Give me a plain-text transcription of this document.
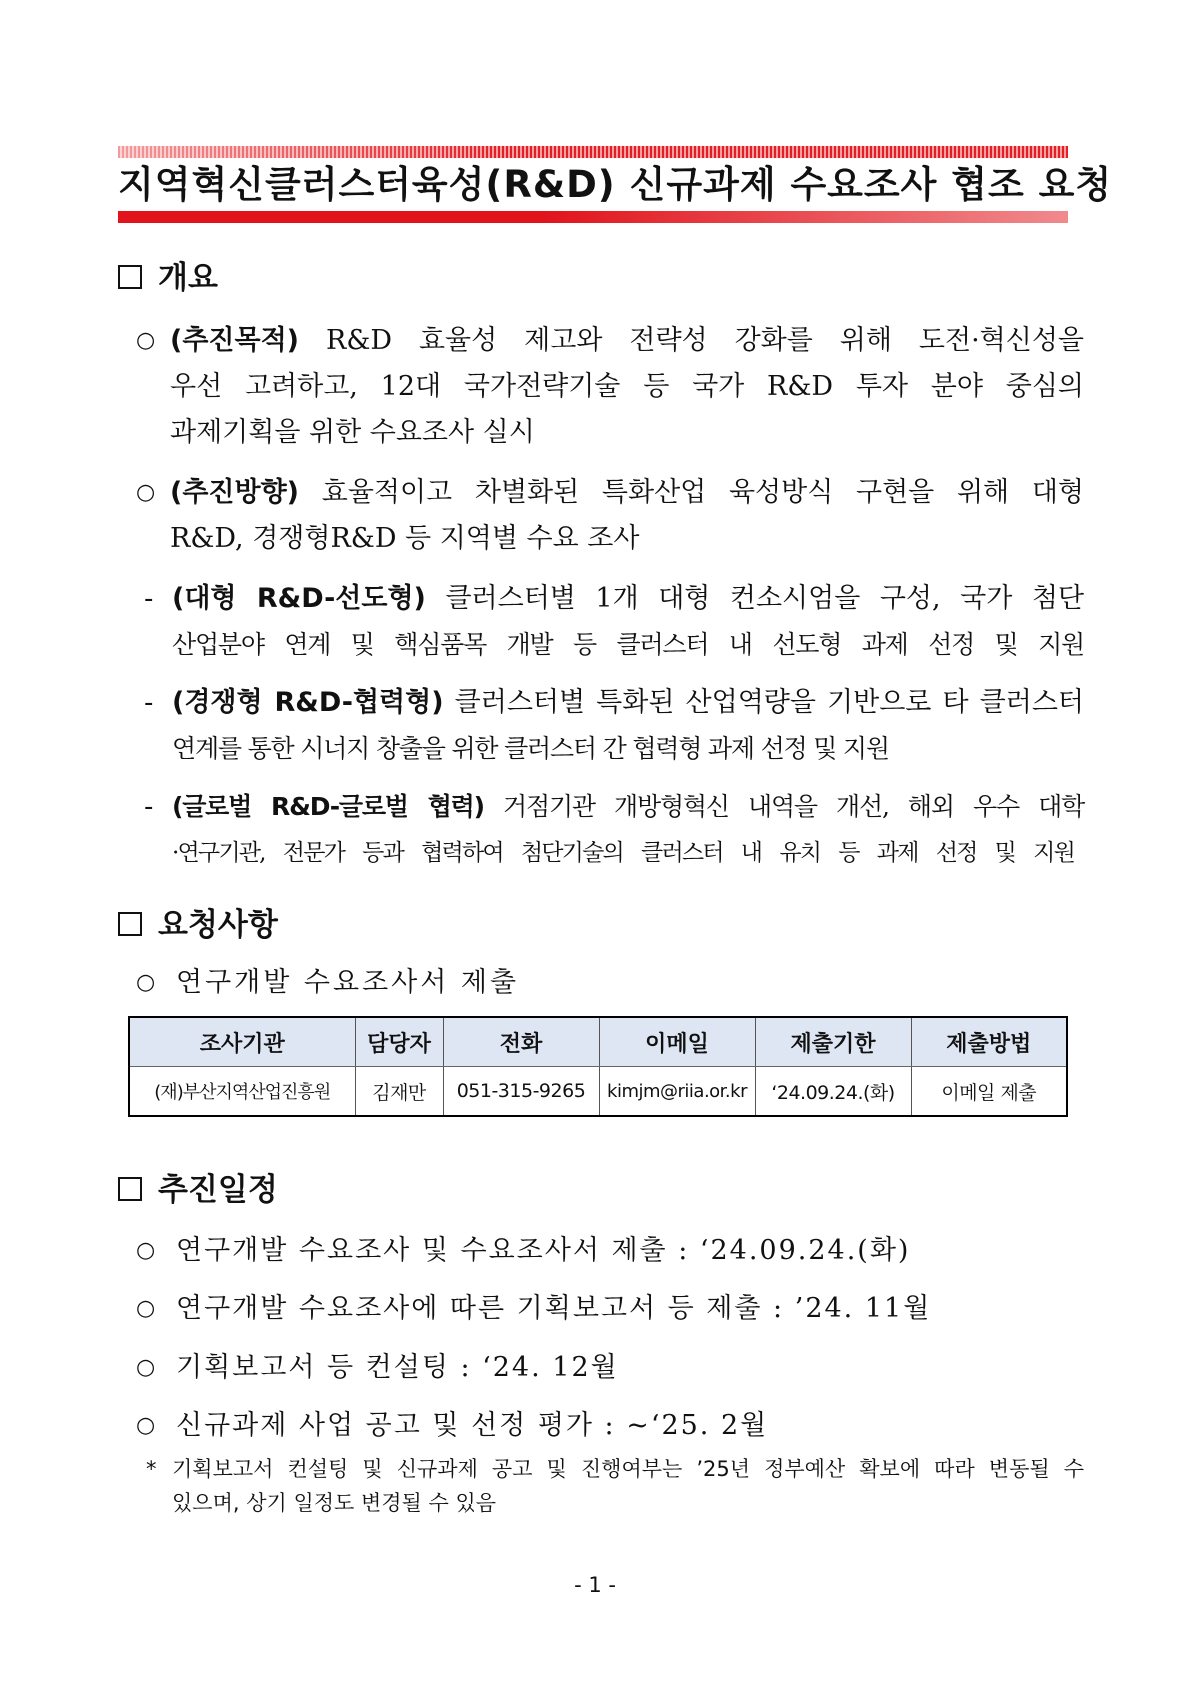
지역혁신클러스터육성(R&D) 신규과제 수요조사 협조 요청
개요
○ (추진목적) R&D 효율성 제고와 전략성 강화를 위해 도전·혁신성을
우선 고려하고, 12대 국가전략기술 등 국가 R&D 투자 분야 중심의
과제기획을 위한 수요조사 실시
○ (추진방향) 효율적이고 차별화된 특화산업 육성방식 구현을 위해 대형
R&D, 경쟁형R&D 등 지역별 수요 조사
- (대형 R&D-선도형) 클러스터별 1개 대형 컨소시엄을 구성, 국가 첨단
산업분야 연계 및 핵심품목 개발 등 클러스터 내 선도형 과제 선정 및 지원
- (경쟁형 R&D-협력형) 클러스터별 특화된 산업역량을 기반으로 타 클러스터
연계를 통한 시너지 창출을 위한 클러스터 간 협력형 과제 선정 및 지원
- (글로벌 R&D-글로벌 협력) 거점기관 개방형혁신 내역을 개선, 해외 우수 대학
·연구기관, 전문가 등과 협력하여 첨단기술의 클러스터 내 유치 등 과제 선정 및 지원
요청사항
○ 연구개발 수요조사서 제출
조사기관	담당자	전화	이메일	제출기한	제출방법
(재)부산지역산업진흥원	김재만	051-315-9265	kimjm@riia.or.kr	‘24.09.24.(화)	이메일 제출
추진일정
○ 연구개발 수요조사 및 수요조사서 제출 : ‘24.09.24.(화)
○ 연구개발 수요조사에 따른 기획보고서 등 제출 : ’24. 11월
○ 기획보고서 등 컨설팅 : ‘24. 12월
○ 신규과제 사업 공고 및 선정 평가 : ~‘25. 2월
* 기획보고서 컨설팅 및 신규과제 공고 및 진행여부는 ’25년 정부예산 확보에 따라 변동될 수
있으며, 상기 일정도 변경될 수 있음
- 1 -
